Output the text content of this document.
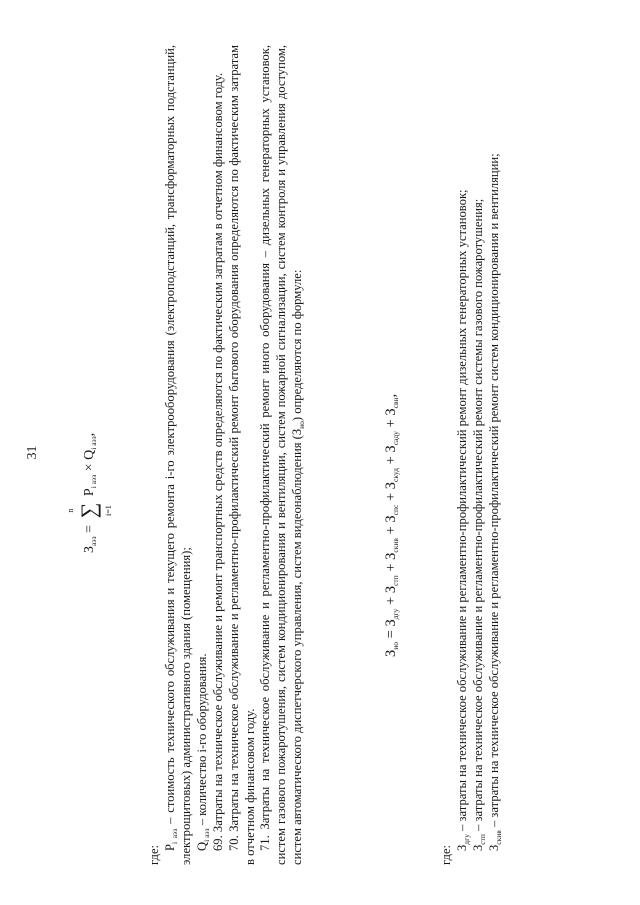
31
$З_{аэз}$ =
n ∑ i=1
$P_{i аэз} \times Q_{i аэз}$,

где: $P_{i аэз}$ – стоимость технического обслуживания и текущего ремонта i-го электрооборудования (электроподстанций, трансформаторных подстанций, электрощитовых) административного здания (помещения); $Q_{i аэз}$ – количество i-го оборудования. 69. Затраты на техническое обслуживание и ремонт транспортных средств определяются по фактическим затратам в отчетном финансовом году. 70. Затраты на техническое обслуживание и регламентно-профилактический ремонт бытового оборудования определяются по фактическим затратам в отчетном финансовом году. 71. Затраты на техническое обслуживание и регламентно-профилактический ремонт иного оборудования – дизельных генераторных установок, систем газового пожаротушения, систем кондиционирования и вентиляции, систем пожарной сигнализации, систем контроля и управления доступом, систем автоматического диспетчерского управления, систем видеонаблюдения $(З_{ио})$ определяются по формуле:

$З_{ио} = З_{дгу} + З_{стп} + З_{скив} + З_{спс} + З_{скуд} + З_{сaду} + З_{свн}$,

где: $З_{дгу}$ – затраты на техническое обслуживание и регламентно-профилактический ремонт дизельных генераторных установок;

$З_{стп}$ – затраты на техническое обслуживание и регламентно-профилактический ремонт системы газового пожаротушения;

$З_{скив}$ – затраты на техническое обслуживание и регламентно-профилактический ремонт систем кондиционирования и вентиляции;
